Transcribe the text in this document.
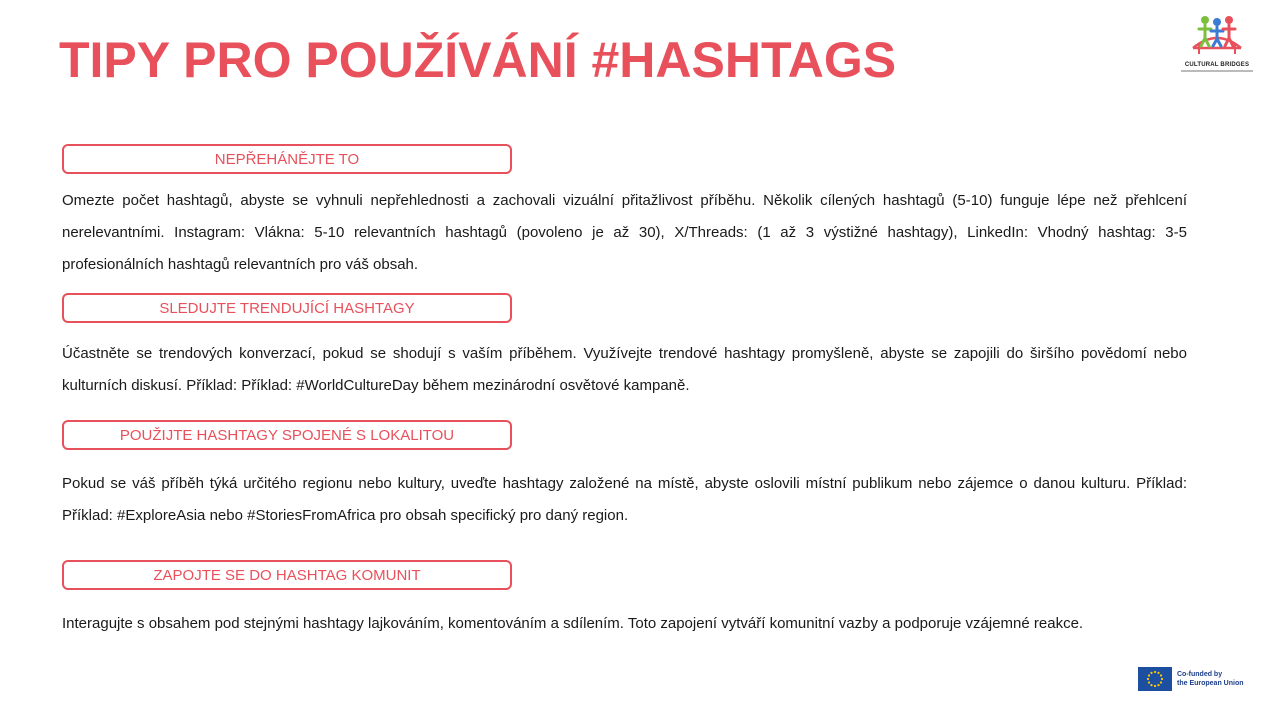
TIPY PRO POUŽÍVÁNÍ #HASHTAGS	CULTURAL BRIDGES
NEPŘEHÁNĚJTE TO

Omezte počet hashtagů, abyste se vyhnuli nepřehlednosti a zachovali vizuální přitažlivost příběhu. Několik cílených hashtagů (5-10) funguje lépe než přehlcení nerelevantními. Instagram: Vlákna: 5-10 relevantních hashtagů (povoleno je až 30), X/Threads: (1 až 3 výstižné hashtagy), LinkedIn: Vhodný hashtag: 3-5 profesionálních hashtagů relevantních pro váš obsah.

SLEDUJTE TRENDUJÍCÍ HASHTAGY

Účastněte se trendových konverzací, pokud se shodují s vaším příběhem. Využívejte trendové hashtagy promyšleně, abyste se zapojili do širšího povědomí nebo kulturních diskusí. Příklad: Příklad: #WorldCultureDay během mezinárodní osvětové kampaně.

POUŽIJTE HASHTAGY SPOJENÉ S LOKALITOU

Pokud se váš příběh týká určitého regionu nebo kultury, uveďte hashtagy založené na místě, abyste oslovili místní publikum nebo zájemce o danou kulturu. Příklad: Příklad: #ExploreAsia nebo #StoriesFromAfrica pro obsah specifický pro daný region.

ZAPOJTE SE DO HASHTAG KOMUNIT

Interagujte s obsahem pod stejnými hashtagy lajkováním, komentováním a sdílením. Toto zapojení vytváří komunitní vazby a podporuje vzájemné reakce.

Co-funded by
the European Union
